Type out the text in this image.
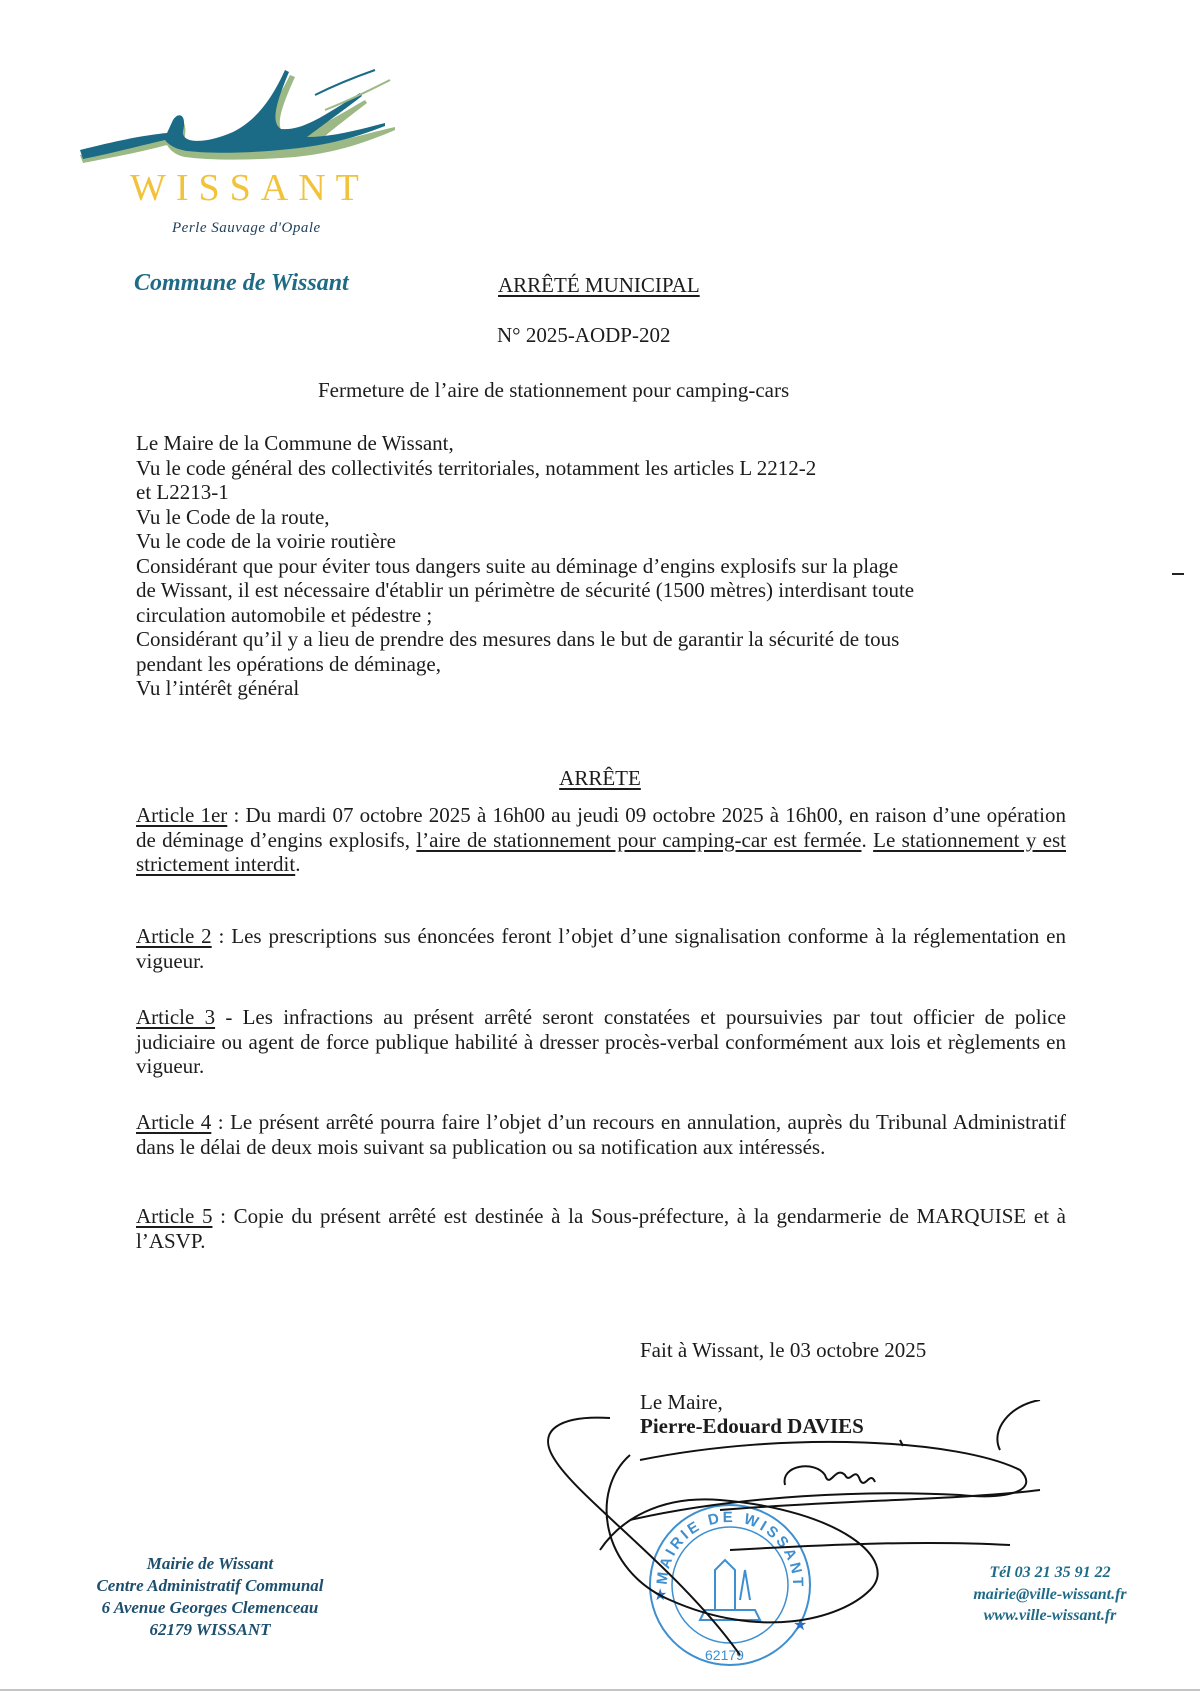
WISSANT
Perle Sauvage d'Opale
Commune de Wissant	ARRÊTÉ MUNICIPAL
N° 2025-AODP-202
Fermeture de l’aire de stationnement pour camping-cars
Le Maire de la Commune de Wissant,
Vu le code général des collectivités territoriales, notamment les articles L 2212-2
et L2213-1
Vu le Code de la route,
Vu le code de la voirie routière
Considérant que pour éviter tous dangers suite au déminage d’engins explosifs sur la plage
de Wissant, il est nécessaire d'établir un périmètre de sécurité (1500 mètres) interdisant toute
circulation automobile et pédestre ;
Considérant qu’il y a lieu de prendre des mesures dans le but de garantir la sécurité de tous
pendant les opérations de déminage,
Vu l’intérêt général
ARRÊTE
Article 1er : Du mardi 07 octobre 2025 à 16h00 au jeudi 09 octobre 2025 à 16h00, en raison d’une opération de déminage d’engins explosifs, l’aire de stationnement pour camping-car est fermée. Le stationnement y est strictement interdit.
Article 2 : Les prescriptions sus énoncées feront l’objet d’une signalisation conforme à la réglementation en vigueur.
Article 3 - Les infractions au présent arrêté seront constatées et poursuivies par tout officier de police judiciaire ou agent de force publique habilité à dresser procès-verbal conformément aux lois et règlements en vigueur.
Article 4 : Le présent arrêté pourra faire l’objet d’un recours en annulation, auprès du Tribunal Administratif dans le délai de deux mois suivant sa publication ou sa notification aux intéressés.
Article 5 : Copie du présent arrêté est destinée à la Sous-préfecture, à la gendarmerie de MARQUISE et à l’ASVP.
Fait à Wissant, le 03 octobre 2025
Le Maire,
Pierre-Edouard DAVIES
MAIRIE DE WISSANT
62179
★
★
Mairie de Wissant
Centre Administratif Communal
6 Avenue Georges Clemenceau
62179 WISSANT
Tél 03 21 35 91 22
mairie@ville-wissant.fr
www.ville-wissant.fr
